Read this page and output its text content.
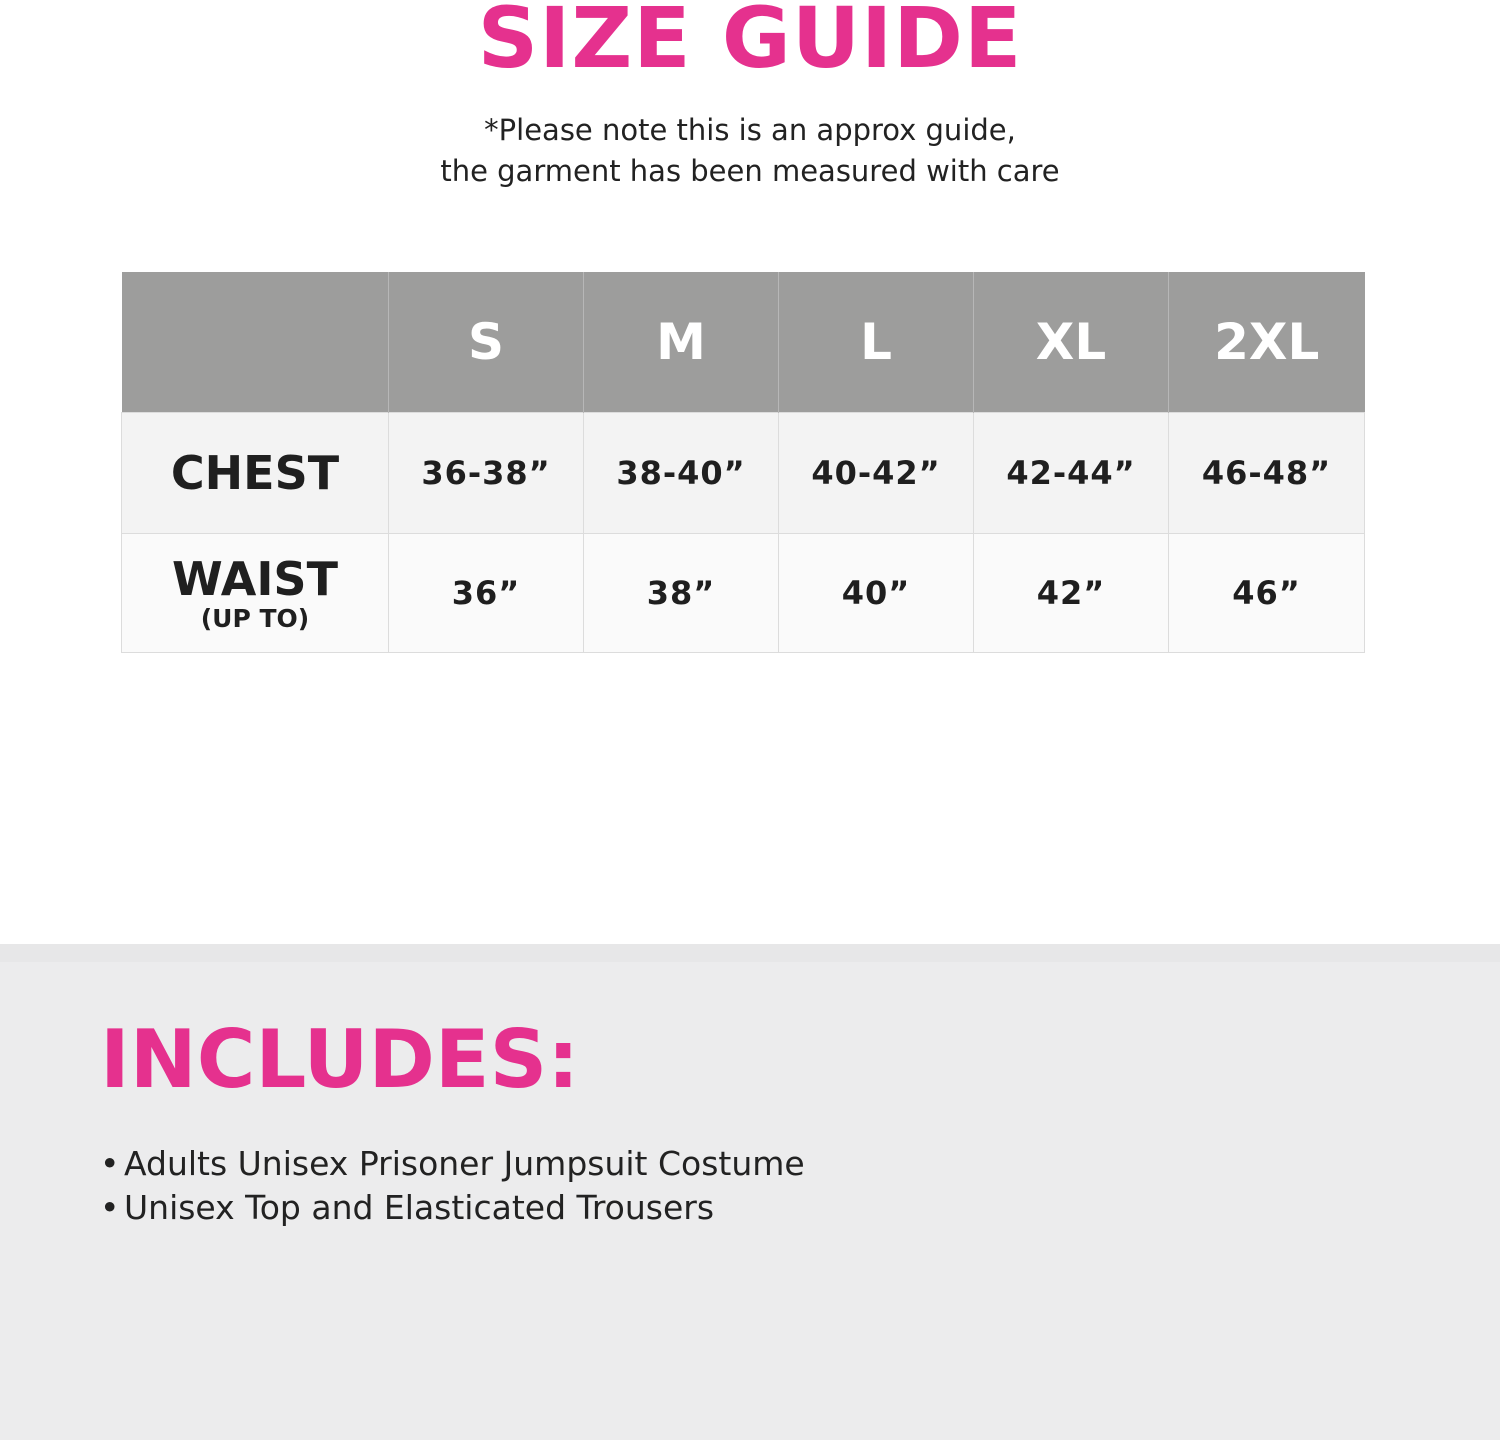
SIZE GUIDE
*Please note this is an approx guide,
the garment has been measured with care
	S	M	L	XL	2XL

CHEST	36-38”	38-40”	40-42”	42-44”	46-48”

WAIST
(UP TO)	36”	38”	40”	42”	46”
INCLUDES:
• Adults Unisex Prisoner Jumpsuit Costume
• Unisex Top and Elasticated Trousers
